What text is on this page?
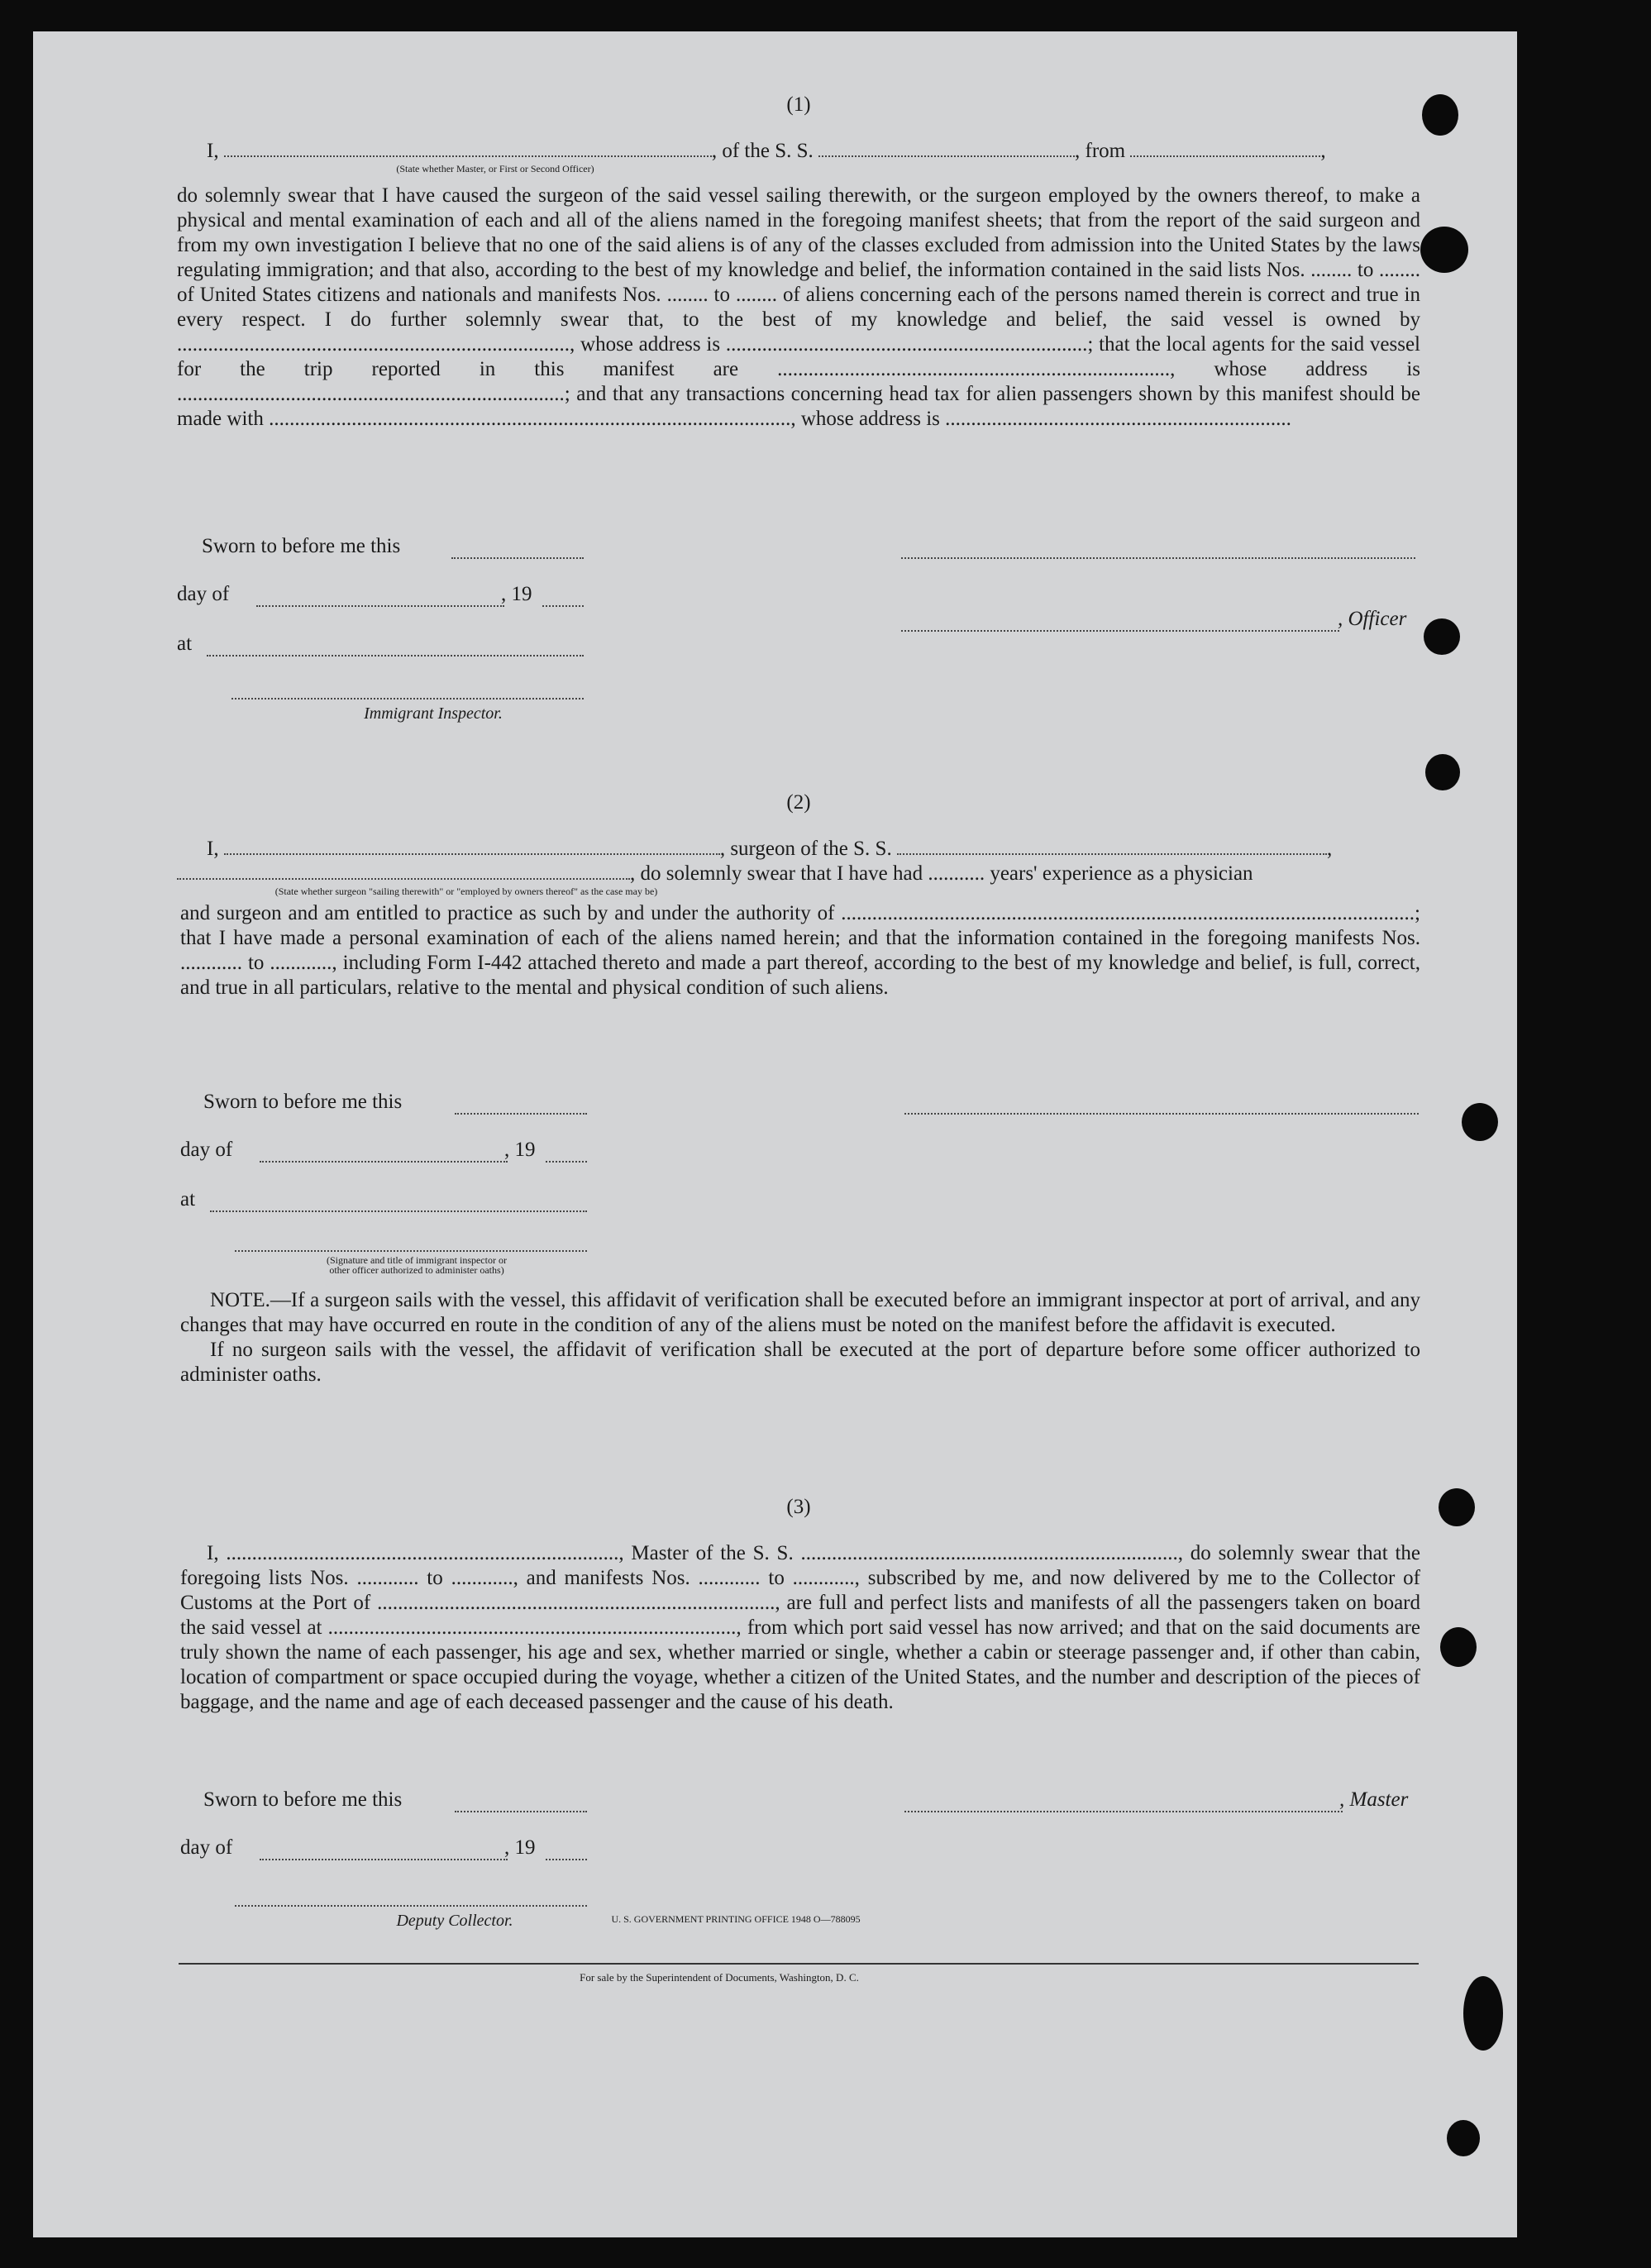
(1)
I,	, of the S. S.	, from	,
(State whether Master, or First or Second Officer)
do solemnly swear that I have caused the surgeon of the said vessel sailing therewith, or the surgeon employed by the owners thereof, to make a physical and mental examination of each and all of the aliens named in the foregoing manifest sheets; that from the report of the said surgeon and from my own investigation I believe that no one of the said aliens is of any of the classes excluded from admission into the United States by the laws regulating immigration; and that also, according to the best of my knowledge and belief, the information contained in the said lists Nos. ........ to ........ of United States citizens and nationals and manifests Nos. ........ to ........ of aliens concerning each of the persons named therein is correct and true in every respect. I do further solemnly swear that, to the best of my knowledge and belief, the said vessel is owned by ............................................................................, whose address is ......................................................................; that the local agents for the said vessel for the trip reported in this manifest are ............................................................................, whose address is ...........................................................................; and that any transactions concerning head tax for alien passengers shown by this manifest should be made with ....................................................................................................., whose address is ...................................................................
Sworn to before me this
day of	, 19
, Officer
at
Immigrant Inspector.
(2)
I,	, surgeon of the S. S.	,
, do solemnly swear that I have had ........... years' experience as a physician
(State whether surgeon "sailing therewith" or "employed by owners thereof" as the case may be)
and surgeon and am entitled to practice as such by and under the authority of ...............................................................................................................; that I have made a personal examination of each of the aliens named herein; and that the information contained in the foregoing manifests Nos. ............ to ............, including Form I-442 attached thereto and made a part thereof, according to the best of my knowledge and belief, is full, correct, and true in all particulars, relative to the mental and physical condition of such aliens.
Sworn to before me this
day of	, 19
at
(Signature and title of immigrant inspector or
other officer authorized to administer oaths)

NOTE.—If a surgeon sails with the vessel, this affidavit of verification shall be executed before an immigrant inspector at port of arrival, and any changes that may have occurred en route in the condition of any of the aliens must be noted on the manifest before the affidavit is executed.

If no surgeon sails with the vessel, the affidavit of verification shall be executed at the port of departure before some officer authorized to administer oaths.

(3)
I, ............................................................................, Master of the S. S. ........................................................................., do solemnly swear that the foregoing lists Nos. ............ to ............, and manifests Nos. ............ to ............, subscribed by me, and now delivered by me to the Collector of Customs at the Port of ............................................................................., are full and perfect lists and manifests of all the passengers taken on board the said vessel at ..............................................................................., from which port said vessel has now arrived; and that on the said documents are truly shown the name of each passenger, his age and sex, whether married or single, whether a cabin or steerage passenger and, if other than cabin, location of compartment or space occupied during the voyage, whether a citizen of the United States, and the number and description of the pieces of baggage, and the name and age of each deceased passenger and the cause of his death.
Sworn to before me this	, Master
day of	, 19
Deputy Collector.	U. S. GOVERNMENT PRINTING OFFICE 1948 O—788095
For sale by the Superintendent of Documents, Washington, D. C.
